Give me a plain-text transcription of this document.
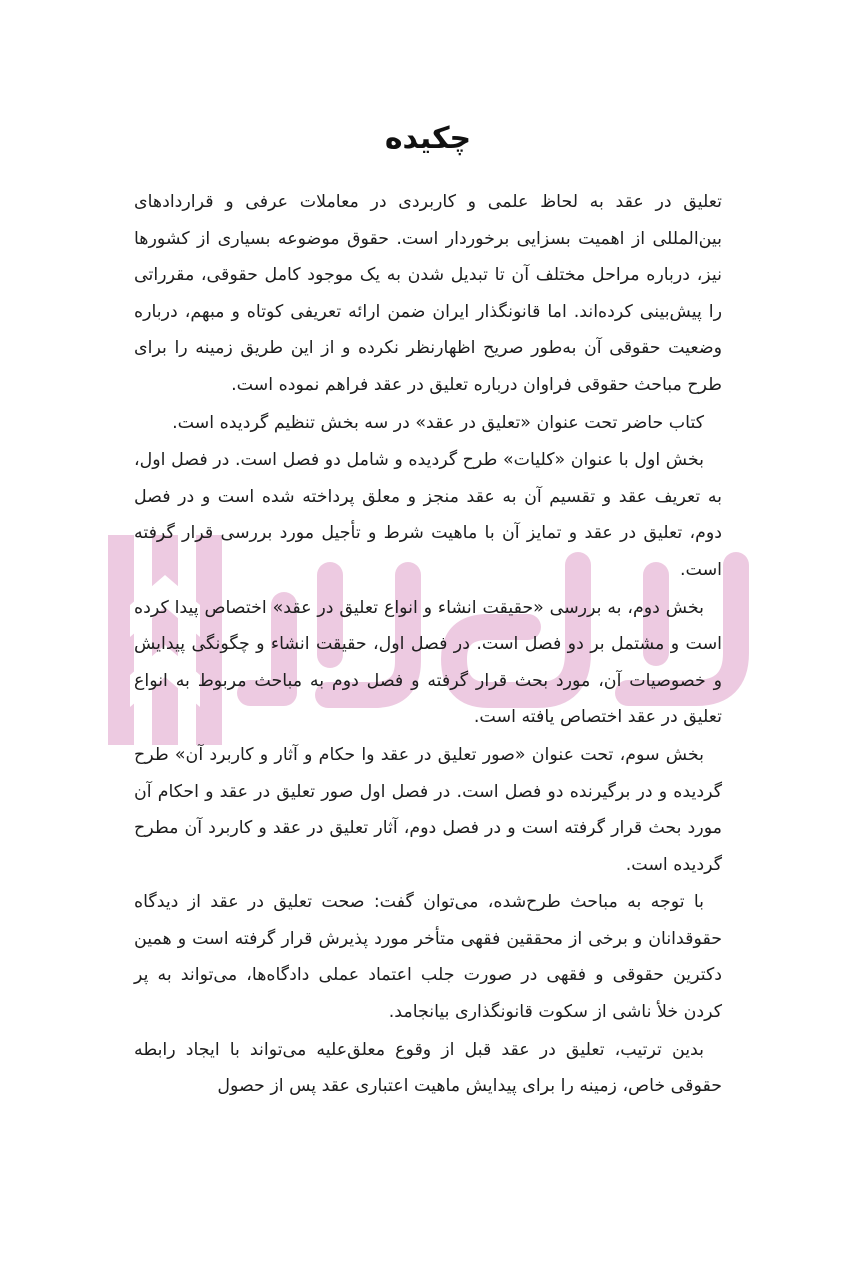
چکیده

تعلیق در عقد به لحاظ علمی و کاربردی در معاملات عرفی و قراردادهای بین‌المللی از اهمیت بسزایی برخوردار است. حقوق موضوعه بسیاری از کشورها نیز، درباره مراحل مختلف آن تا تبدیل شدن به یک موجود کامل حقوقی، مقرراتی را پیش‌بینی کرده‌اند. اما قانونگذار ایران ضمن ارائه تعریفی کوتاه و مبهم، درباره وضعیت حقوقی آن به‌طور صریح اظهارنظر نکرده و از این طریق زمینه را برای طرح مباحث حقوقی فراوان درباره تعلیق در عقد فراهم نموده است.

کتاب حاضر تحت عنوان «تعلیق در عقد» در سه بخش تنظیم گردیده است.

بخش اول با عنوان «کلیات» طرح گردیده و شامل دو فصل است. در فصل اول، به تعریف عقد و تقسیم آن به عقد منجز و معلق پرداخته شده است و در فصل دوم، تعلیق در عقد و تمایز آن با ماهیت شرط و تأجیل مورد بررسی قرار گرفته است.

بخش دوم، به بررسی «حقیقت انشاء و انواع تعلیق در عقد» اختصاص پیدا کرده است و مشتمل بر دو فصل است. در فصل اول، حقیقت انشاء و چگونگی پیدایش و خصوصیات آن، مورد بحث قرار گرفته و فصل دوم به مباحث مربوط به انواع تعلیق در عقد اختصاص یافته است.

بخش سوم، تحت عنوان «صور تعلیق در عقد وا حکام و آثار و کاربرد آن» طرح گردیده و در برگیرنده دو فصل است. در فصل اول صور تعلیق در عقد و احکام آن مورد بحث قرار گرفته است و در فصل دوم، آثار تعلیق در عقد و کاربرد آن مطرح گردیده است.

با توجه به مباحث طرح‌شده، می‌توان گفت: صحت تعلیق در عقد از دیدگاه حقوقدانان و برخی از محققین فقهی متأخر مورد پذیرش قرار گرفته است و همین دکترین حقوقی و فقهی در صورت جلب اعتماد عملی دادگاه‌ها، می‌تواند به پر کردن خلأ ناشی از سکوت قانونگذاری بیانجامد.

بدین ترتیب، تعلیق در عقد قبل از وقوع معلق‌علیه می‌تواند با ایجاد رابطه حقوقی خاص، زمینه را برای پیدایش ماهیت اعتباری عقد پس از حصول
